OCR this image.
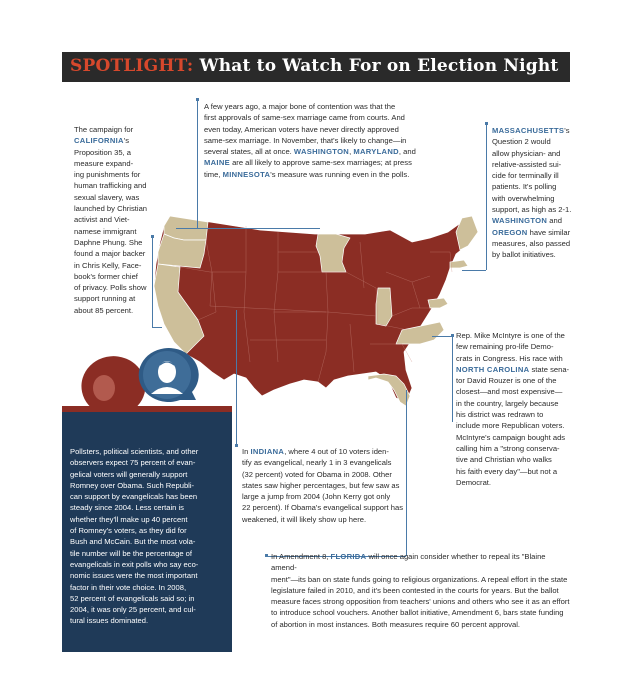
SPOTLIGHT: What to Watch For on Election Night
The campaign for
CALIFORNIA's
Proposition 35, a
measure expand-
ing punishments for
human trafficking and
sexual slavery, was
launched by Christian
activist and Viet-
namese immigrant
Daphne Phung. She
found a major backer
in Chris Kelly, Face-
book's former chief
of privacy. Polls show
support running at
about 85 percent.
A few years ago, a major bone of contention was that the
first approvals of same-sex marriage came from courts. And
even today, American voters have never directly approved
same-sex marriage. In November, that's likely to change—in
several states, all at once. WASHINGTON, MARYLAND, and
MAINE are all likely to approve same-sex marriages; at press
time, MINNESOTA's measure was running even in the polls.
MASSACHUSETTS's
Question 2 would
allow physician- and
relative-assisted sui-
cide for terminally ill
patients. It's polling
with overwhelming
support, as high as 2-1.
WASHINGTON and
OREGON have similar
measures, also passed
by ballot initiatives.
Rep. Mike McIntyre is one of the
few remaining pro-life Demo-
crats in Congress. His race with
NORTH CAROLINA state sena-
tor David Rouzer is one of the
closest—and most expensive—
in the country, largely because
his district was redrawn to
include more Republican voters.
McIntyre's campaign bought ads
calling him a "strong conserva-
tive and Christian who walks
his faith every day"—but not a
Democrat.
In INDIANA, where 4 out of 10 voters iden-
tify as evangelical, nearly 1 in 3 evangelicals
(32 percent) voted for Obama in 2008. Other
states saw higher percentages, but few saw as
large a jump from 2004 (John Kerry got only
22 percent). If Obama's evangelical support has
weakened, it will likely show up here.
In Amendment 8, FLORIDA will once again consider whether to repeal its "Blaine amend-
ment"—its ban on state funds going to religious organizations. A repeal effort in the state
legislature failed in 2010, and it's been contested in the courts for years. But the ballot
measure faces strong opposition from teachers' unions and others who see it as an effort
to introduce school vouchers. Another ballot initiative, Amendment 6, bars state funding
of abortion in most instances. Both measures require 60 percent approval.
Pollsters, political scientists, and other
observers expect 75 percent of evan-
gelical voters will generally support
Romney over Obama. Such Republi-
can support by evangelicals has been
steady since 2004. Less certain is
whether they'll make up 40 percent
of Romney's voters, as they did for
Bush and McCain. But the most vola-
tile number will be the percentage of
evangelicals in exit polls who say eco-
nomic issues were the most important
factor in their vote choice. In 2008,
52 percent of evangelicals said so; in
2004, it was only 25 percent, and cul-
tural issues dominated.
